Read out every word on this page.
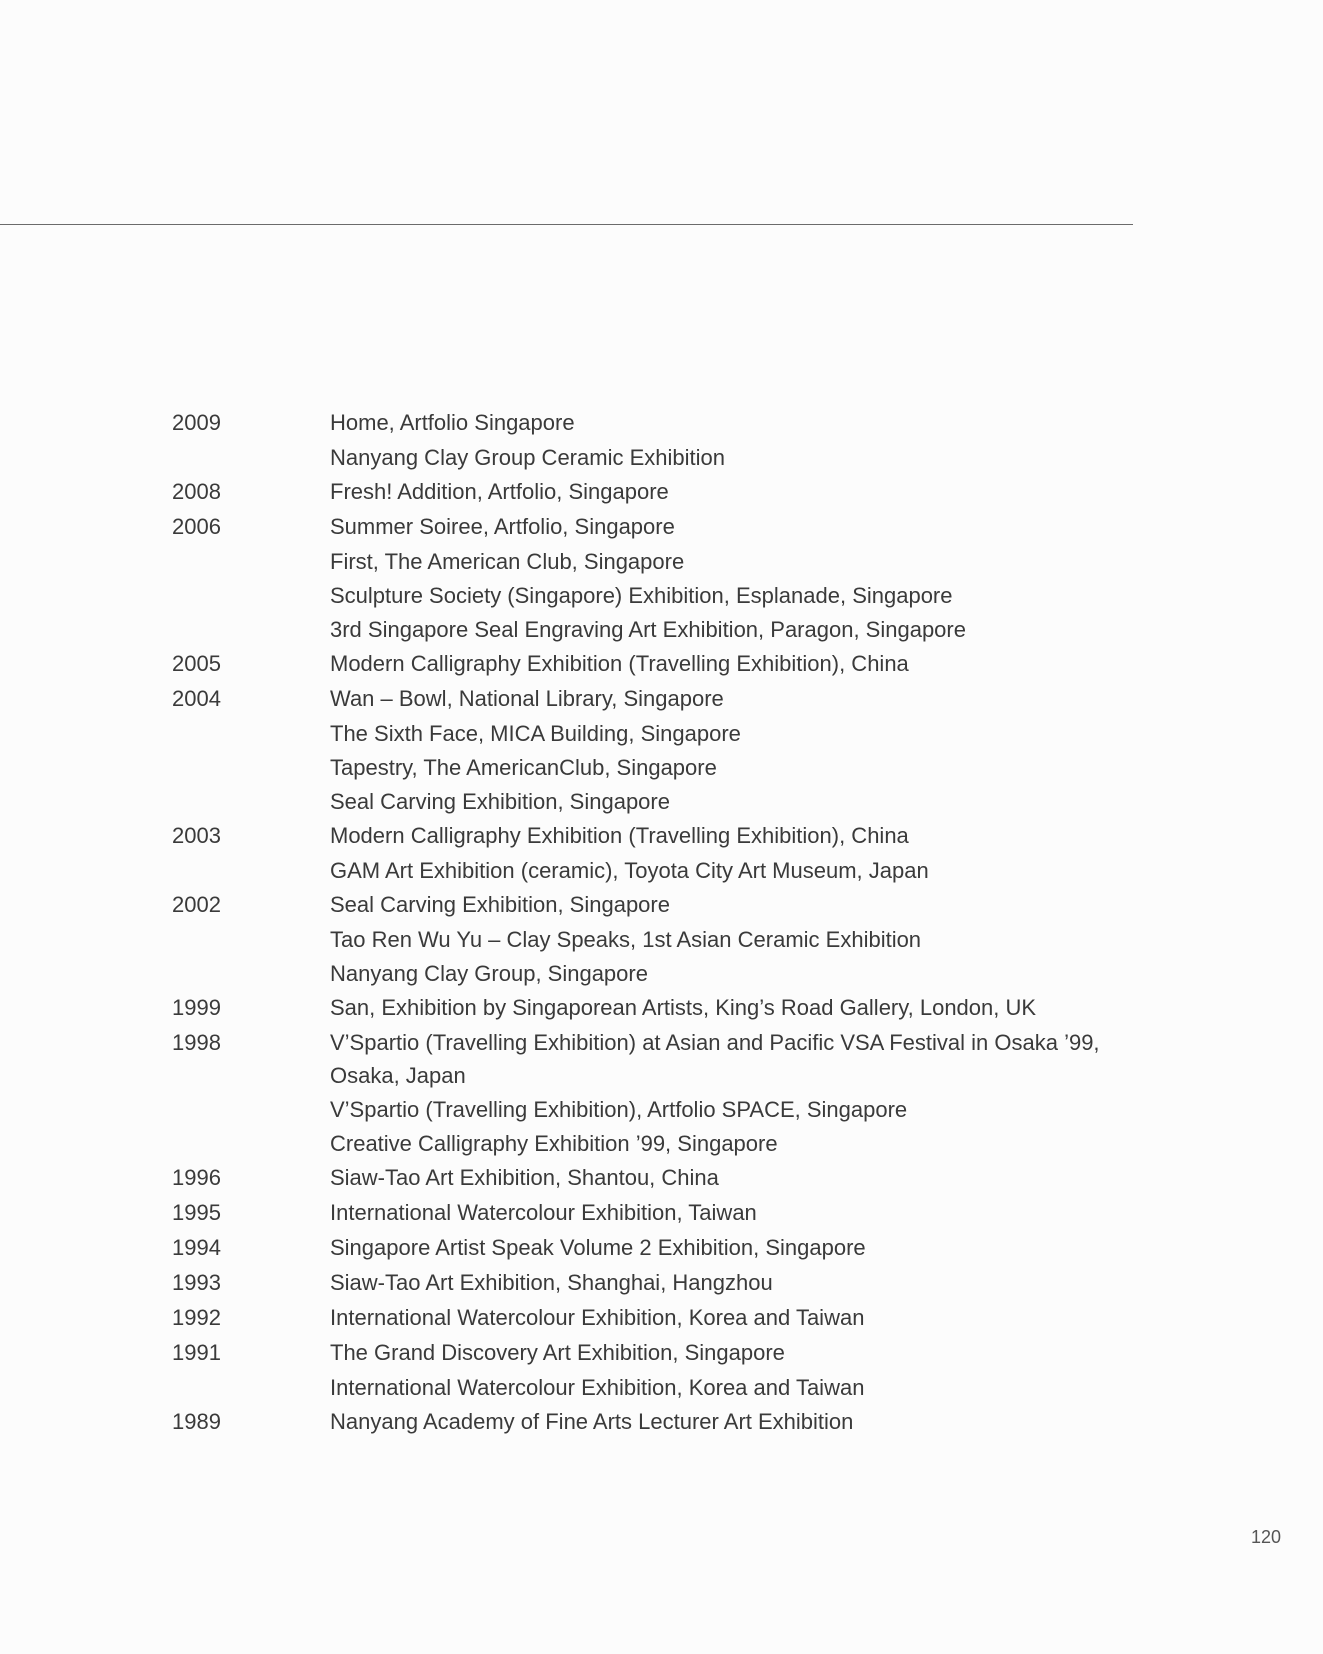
2009	Home, Artfolio Singapore
Nanyang Clay Group Ceramic Exhibition
2008	Fresh! Addition, Artfolio, Singapore
2006	Summer Soiree, Artfolio, Singapore
First, The American Club, Singapore
Sculpture Society (Singapore) Exhibition, Esplanade, Singapore
3rd Singapore Seal Engraving Art Exhibition, Paragon, Singapore
2005	Modern Calligraphy Exhibition (Travelling Exhibition), China
2004	Wan – Bowl, National Library, Singapore
The Sixth Face, MICA Building, Singapore
Tapestry, The AmericanClub, Singapore
Seal Carving Exhibition, Singapore
2003	Modern Calligraphy Exhibition (Travelling Exhibition), China
GAM Art Exhibition (ceramic), Toyota City Art Museum, Japan
2002	Seal Carving Exhibition, Singapore
Tao Ren Wu Yu – Clay Speaks, 1st Asian Ceramic Exhibition
Nanyang Clay Group, Singapore
1999	San, Exhibition by Singaporean Artists, King’s Road Gallery, London, UK
1998	V’Spartio (Travelling Exhibition) at Asian and Pacific VSA Festival in Osaka ’99, Osaka, Japan
V’Spartio (Travelling Exhibition), Artfolio SPACE, Singapore
Creative Calligraphy Exhibition ’99, Singapore
1996	Siaw-Tao Art Exhibition, Shantou, China
1995	International Watercolour Exhibition, Taiwan
1994	Singapore Artist Speak Volume 2 Exhibition, Singapore
1993	Siaw-Tao Art Exhibition, Shanghai, Hangzhou
1992	International Watercolour Exhibition, Korea and Taiwan
1991	The Grand Discovery Art Exhibition, Singapore
International Watercolour Exhibition, Korea and Taiwan
1989	Nanyang Academy of Fine Arts Lecturer Art Exhibition
120
